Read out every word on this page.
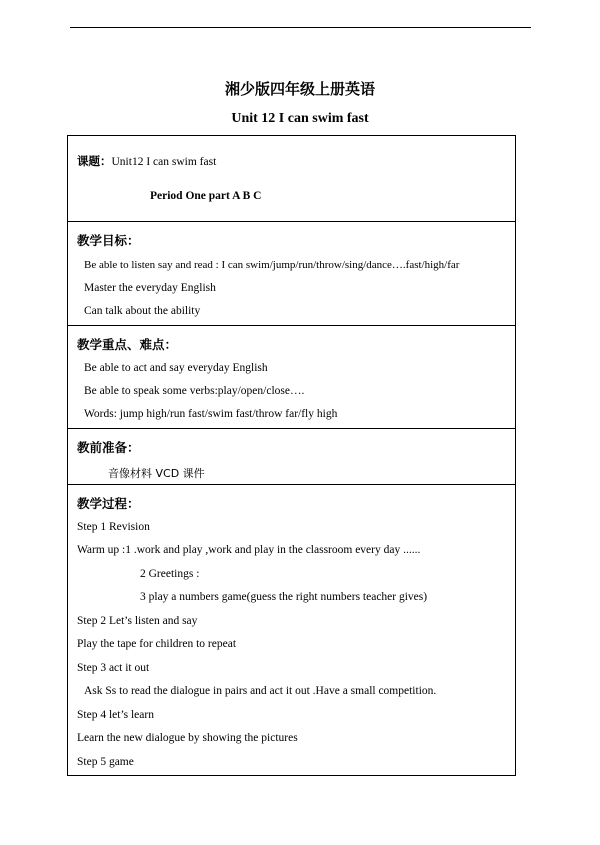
湘少版四年级上册英语
Unit 12 I can swim fast
课题：Unit12 I can swim fast
Period One part A B C
教学目标：
Be able to listen say and read : I can swim/jump/run/throw/sing/dance….fast/high/far
Master the everyday English
Can talk about the ability
教学重点、难点：
Be able to act and say everyday English
Be able to speak some verbs:play/open/close….
Words: jump high/run fast/swim fast/throw far/fly high
教前准备：
音像材料 VCD 课件
教学过程：
Step 1 Revision
Warm up :1 .work and play ,work and play in the classroom every day ......
2 Greetings :
3 play a numbers game(guess the right numbers teacher gives)
Step 2 Let’s listen and say
Play the tape for children to repeat
Step 3 act it out
Ask Ss to read the dialogue in pairs and act it out .Have a small competition.
Step 4 let’s learn
Learn the new dialogue by showing the pictures
Step 5 game
